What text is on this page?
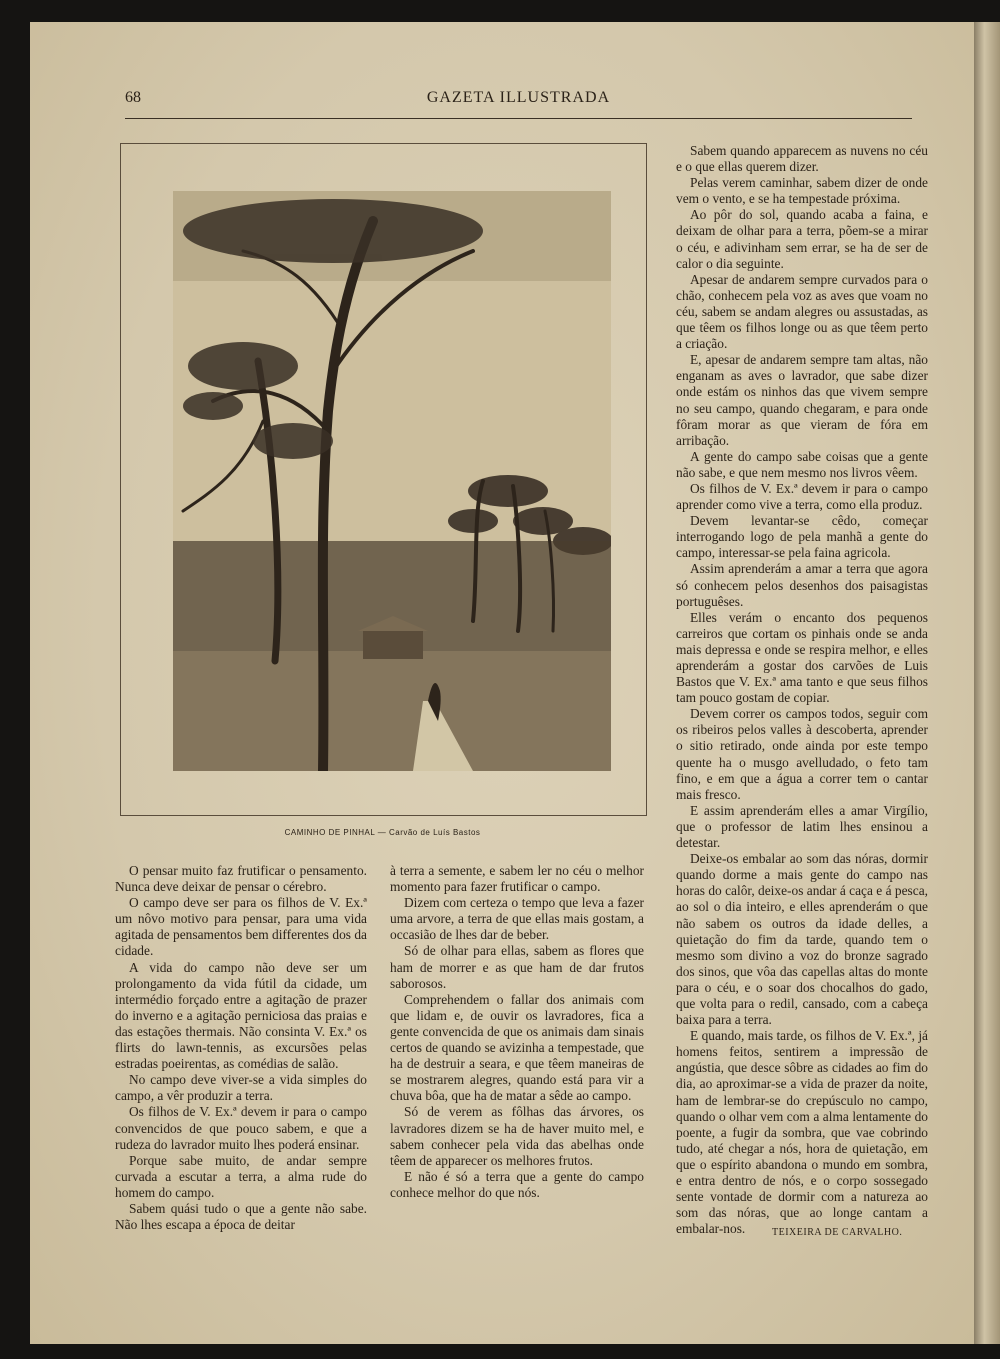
68	GAZETA ILLUSTRADA
CAMINHO DE PINHAL — Carvão de Luís Bastos

O pensar muito faz frutificar o pensamento. Nunca deve deixar de pensar o cérebro.

O campo deve ser para os filhos de V. Ex.ª um nôvo motivo para pensar, para uma vida agitada de pensamentos bem differentes dos da cidade.

A vida do campo não deve ser um prolongamento da vida fútil da cidade, um intermédio forçado entre a agitação de prazer do inverno e a agitação perniciosa das praias e das estações thermais. Não consinta V. Ex.ª os flirts do lawn-tennis, as excursões pelas estradas poeirentas, as comédias de salão.

No campo deve viver-se a vida simples do campo, a vêr produzir a terra.

Os filhos de V. Ex.ª devem ir para o campo convencidos de que pouco sabem, e que a rudeza do lavrador muito lhes poderá ensinar.

Porque sabe muito, de andar sempre curvada a escutar a terra, a alma rude do homem do campo.

Sabem quási tudo o que a gente não sabe. Não lhes escapa a época de deitar

à terra a semente, e sabem ler no céu o melhor momento para fazer frutificar o campo.

Dizem com certeza o tempo que leva a fazer uma arvore, a terra de que ellas mais gostam, a occasião de lhes dar de beber.

Só de olhar para ellas, sabem as flores que ham de morrer e as que ham de dar frutos saborosos.

Comprehendem o fallar dos animais com que lidam e, de ouvir os lavradores, fica a gente convencida de que os animais dam sinais certos de quando se avizinha a tempestade, que ha de destruir a seara, e que têem maneiras de se mostrarem alegres, quando está para vir a chuva bôa, que ha de matar a sêde ao campo.

Só de verem as fôlhas das árvores, os lavradores dizem se ha de haver muito mel, e sabem conhecer pela vida das abelhas onde têem de apparecer os melhores frutos.

E não é só a terra que a gente do campo conhece melhor do que nós.

Sabem quando apparecem as nuvens no céu e o que ellas querem dizer.

Pelas verem caminhar, sabem dizer de onde vem o vento, e se ha tempestade próxima.

Ao pôr do sol, quando acaba a faina, e deixam de olhar para a terra, põem-se a mirar o céu, e adivinham sem errar, se ha de ser de calor o dia seguinte.

Apesar de andarem sempre curvados para o chão, conhecem pela voz as aves que voam no céu, sabem se andam alegres ou assustadas, as que têem os filhos longe ou as que têem perto a criação.

E, apesar de andarem sempre tam altas, não enganam as aves o lavrador, que sabe dizer onde estám os ninhos das que vivem sempre no seu campo, quando chegaram, e para onde fôram morar as que vieram de fóra em arribação.

A gente do campo sabe coisas que a gente não sabe, e que nem mesmo nos livros vêem.

Os filhos de V. Ex.ª devem ir para o campo aprender como vive a terra, como ella produz.

Devem levantar-se cêdo, começar interrogando logo de pela manhã a gente do campo, interessar-se pela faina agricola.

Assim aprenderám a amar a terra que agora só conhecem pelos desenhos dos paisagistas portuguêses.

Elles verám o encanto dos pequenos carreiros que cortam os pinhais onde se anda mais depressa e onde se respira melhor, e elles aprenderám a gostar dos carvões de Luis Bastos que V. Ex.ª ama tanto e que seus filhos tam pouco gostam de copiar.

Devem correr os campos todos, seguir com os ribeiros pelos valles à descoberta, aprender o sitio retirado, onde ainda por este tempo quente ha o musgo avelludado, o feto tam fino, e em que a água a correr tem o cantar mais fresco.

E assim aprenderám elles a amar Virgílio, que o professor de latim lhes ensinou a detestar.

Deixe-os embalar ao som das nóras, dormir quando dorme a mais gente do campo nas horas do calôr, deixe-os andar á caça e á pesca, ao sol o dia inteiro, e elles aprenderám o que não sabem os outros da idade delles, a quietação do fim da tarde, quando tem o mesmo som divino a voz do bronze sagrado dos sinos, que vôa das capellas altas do monte para o céu, e o soar dos chocalhos do gado, que volta para o redil, cansado, com a cabeça baixa para a terra.

E quando, mais tarde, os filhos de V. Ex.ª, já homens feitos, sentirem a impressão de angústia, que desce sôbre as cidades ao fim do dia, ao aproximar-se a vida de prazer da noite, ham de lembrar-se do crepúsculo no campo, quando o olhar vem com a alma lentamente do poente, a fugir da sombra, que vae cobrindo tudo, até chegar a nós, hora de quietação, em que o espírito abandona o mundo em sombra, e entra dentro de nós, e o corpo sossegado sente vontade de dormir com a natureza ao som das nóras, que ao longe cantam a embalar-nos.	TEIXEIRA DE CARVALHO.
